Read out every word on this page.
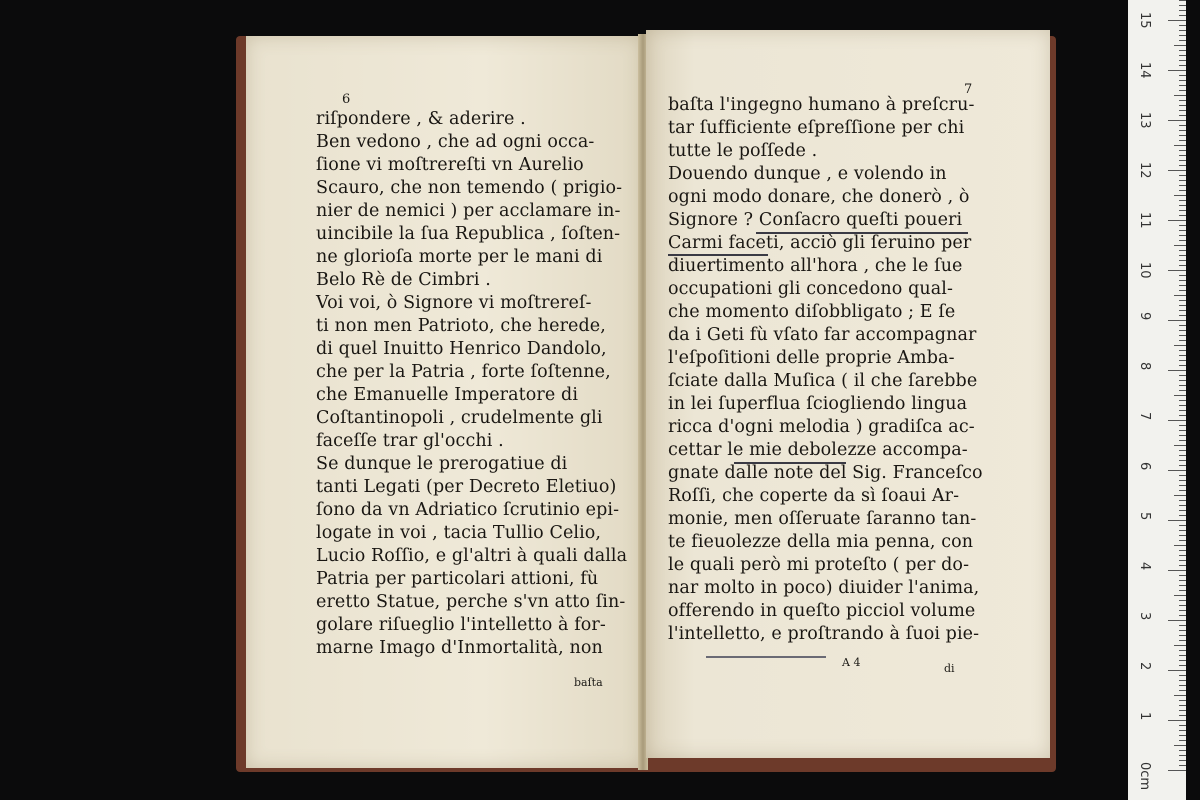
6
riſpondere , & aderire .
Ben vedono , che ad ogni occa-
ſione vi moſtrereſti vn Aurelio
Scauro, che non temendo ( prigio-
nier de nemici ) per acclamare in-
uincibile la ſua Republica , ſoſten-
ne glorioſa morte per le mani di
Belo Rè de Cimbri .
Voi voi, ò Signore vi moſtrereſ-
ti non men Patrioto, che herede,
di quel Inuitto Henrico Dandolo,
che per la Patria , forte ſoſtenne,
che Emanuelle Imperatore di
Coſtantinopoli , crudelmente gli
faceſſe trar gl'occhi .
Se dunque le prerogatiue di
tanti Legati (per Decreto Eletiuo)
ſono da vn Adriatico ſcrutinio epi-
logate in voi , tacia Tullio Celio,
Lucio Roſſio, e gl'altri à quali dalla
Patria per particolari attioni, fù
eretto Statue, perche s'vn atto ſin-
golare riſueglio l'intelletto à for-
marne Imago d'Inmortalità, non
baſta
7
baſta l'ingegno humano à preſcru-
tar ſufficiente eſpreſſione per chi
tutte le poſſede .
Douendo dunque , e volendo in
ogni modo donare, che donerò , ò
Signore ? Conſacro queſti poueri
Carmi faceti, acciò gli ſeruino per
diuertimento all'hora , che le ſue
occupationi gli concedono qual-
che momento diſobbligato ; E ſe
da i Geti fù vſato far accompagnar
l'eſpoſitioni delle proprie Amba-
ſciate dalla Muſica ( il che ſarebbe
in lei ſuperflua ſciogliendo lingua
ricca d'ogni melodia ) gradiſca ac-
cettar le mie debolezze accompa-
gnate dalle note del Sig. Franceſco
Roſſi, che coperte da sì ſoaui Ar-
monie, men oſſeruate ſaranno tan-
te fieuolezze della mia penna, con
le quali però mi proteſto ( per do-
nar molto in poco) diuider l'anima,
offerendo in queſto picciol volume
l'intelletto, e proſtrando à ſuoi pie-
A 4	di
0cm
1
2
3
4
5
6
7
8
9
10
11
12
13
14
15
